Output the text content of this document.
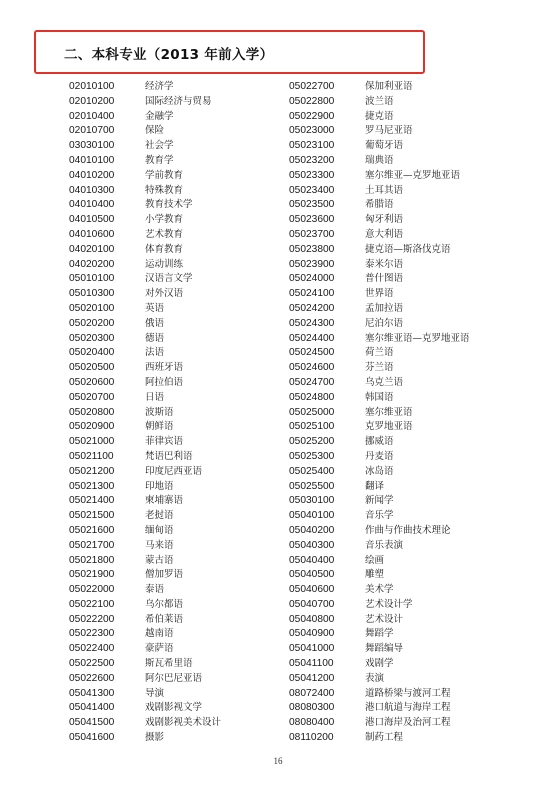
二、本科专业（2013 年前入学）
02010100	经济学
02010200	国际经济与贸易
02010400	金融学
02010700	保险
03030100	社会学
04010100	教育学
04010200	学前教育
04010300	特殊教育
04010400	教育技术学
04010500	小学教育
04010600	艺术教育
04020100	体育教育
04020200	运动训练
05010100	汉语言文学
05010300	对外汉语
05020100	英语
05020200	俄语
05020300	德语
05020400	法语
05020500	西班牙语
05020600	阿拉伯语
05020700	日语
05020800	波斯语
05020900	朝鲜语
05021000	菲律宾语
05021100	梵语巴利语
05021200	印度尼西亚语
05021300	印地语
05021400	柬埔寨语
05021500	老挝语
05021600	缅甸语
05021700	马来语
05021800	蒙古语
05021900	僧加罗语
05022000	泰语
05022100	乌尔都语
05022200	希伯莱语
05022300	越南语
05022400	豪萨语
05022500	斯瓦希里语
05022600	阿尔巴尼亚语
05041300	导演
05041400	戏剧影视文学
05041500	戏剧影视美术设计
05041600	摄影
05022700	保加利亚语
05022800	波兰语
05022900	捷克语
05023000	罗马尼亚语
05023100	葡萄牙语
05023200	瑞典语
05023300	塞尔维亚—克罗地亚语
05023400	土耳其语
05023500	希腊语
05023600	匈牙利语
05023700	意大利语
05023800	捷克语—斯洛伐克语
05023900	泰米尔语
05024000	普什图语
05024100	世界语
05024200	孟加拉语
05024300	尼泊尔语
05024400	塞尔维亚语—克罗地亚语
05024500	荷兰语
05024600	芬兰语
05024700	乌克兰语
05024800	韩国语
05025000	塞尔维亚语
05025100	克罗地亚语
05025200	挪威语
05025300	丹麦语
05025400	冰岛语
05025500	翻译
05030100	新闻学
05040100	音乐学
05040200	作曲与作曲技术理论
05040300	音乐表演
05040400	绘画
05040500	雕塑
05040600	美术学
05040700	艺术设计学
05040800	艺术设计
05040900	舞蹈学
05041000	舞蹈编导
05041100	戏剧学
05041200	表演
08072400	道路桥梁与渡河工程
08080300	港口航道与海岸工程
08080400	港口海岸及治河工程
08110200	制药工程
16
